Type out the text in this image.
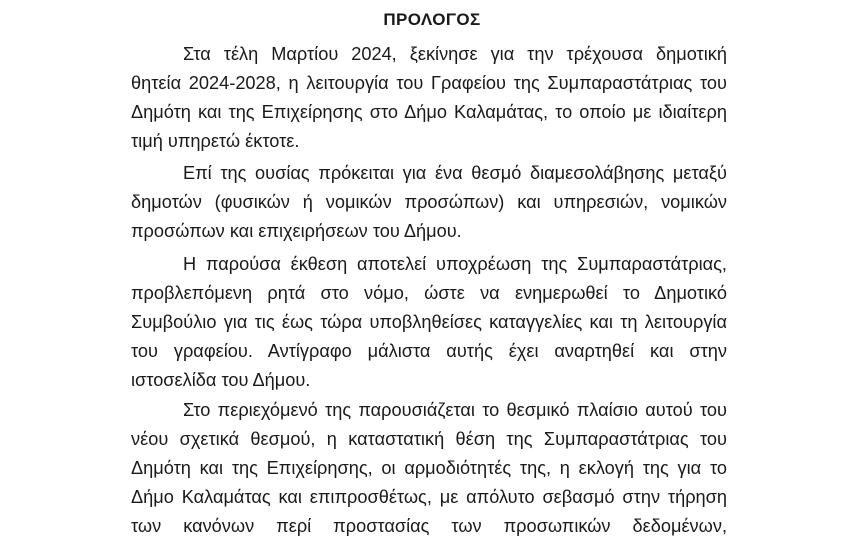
ΠΡΟΛΟΓΟΣ
Στα τέλη Μαρτίου 2024, ξεκίνησε για την τρέχουσα δημοτική
θητεία 2024-2028, η λειτουργία του Γραφείου της Συμπαραστάτριας του
Δημότη και της Επιχείρησης στο Δήμο Καλαμάτας, το οποίο με ιδιαίτερη
τιμή υπηρετώ έκτοτε.
Επί της ουσίας πρόκειται για ένα θεσμό διαμεσολάβησης μεταξύ
δημοτών (φυσικών ή νομικών προσώπων) και υπηρεσιών, νομικών
προσώπων και επιχειρήσεων του Δήμου.
Η παρούσα έκθεση αποτελεί υποχρέωση της Συμπαραστάτριας,
προβλεπόμενη ρητά στο νόμο, ώστε να ενημερωθεί το Δημοτικό
Συμβούλιο για τις έως τώρα υποβληθείσες καταγγελίες και τη λειτουργία
του γραφείου. Αντίγραφο μάλιστα αυτής έχει αναρτηθεί και στην
ιστοσελίδα του Δήμου.
Στο περιεχόμενό της παρουσιάζεται το θεσμικό πλαίσιο αυτού του
νέου σχετικά θεσμού, η καταστατική θέση της Συμπαραστάτριας του
Δημότη και της Επιχείρησης, οι αρμοδιότητές της, η εκλογή της για το
Δήμο Καλαμάτας και επιπροσθέτως, με απόλυτο σεβασμό στην τήρηση
των κανόνων περί προστασίας των προσωπικών δεδομένων,
